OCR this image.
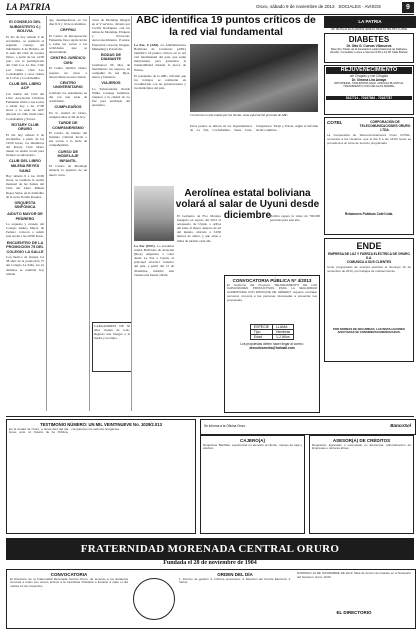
LA PATRIA	Oruro, sábado 9 de noviembre de 2013 SOCIALES - AVISOS	9
El CONSEJO DEL SUBDISTRITO 6 | BOLIVIA

El día de hoy sábado 9 de noviembre, se realizará el segundo consejo del Subdistrito 6 de Bolivia, en la sede del Club de Leones Oruro, a partir de las 14:30 p.m., con la participación del Club Los La Paz, Club Leo Oruro, Club Leo Cochabamba y otros clubes de La Paz y Cochabamba.

CLUB DEL LIBRO ACP

Las damas del Club del Libro Asociación Cristiana Femenina invita a sus socias a asistir hoy a las 17:00 horas a la sede de ACF ubicada en calle Junín entre Cochabamba y Potosí.

ROTARY CLUB ORURO

El día hoy sábado 9 de noviembre, a partir de las 19:00 horas, los miembros del Rotary Club Oruro tienen su sesión social para festejar su aniversario.

CLUB DEL LIBRO MILENA REYES SAINZ

Hoy sábado 9 a las 16:00 horas, se reunirán la sesión mensual de las damas del Club del Libro Milena Reyes Sainz, en el domicilio de la socia Norma Rosales.

ORQUESTA SINFÓNICA
AIDUTO MAYOR DE PEDRERO

La orquesta y consejo del Colegio Aiduto Mayor de Pedrero convoca a asistir esta noche a las 20:00 horas.

ENCUENTRO DE LA PROMOCIÓN 75 DEL COLEGIO LA SALLE

Con motivo de festejar los 38 años de la promoción 75 del Colegio La Salle, los ex alumnos se reunirán hoy sábado.

que desempeñaron en los días 8, 9 y 10 de noviembre.

CRFPMJ

El Centro de Recuperación Femenina Dora Ayala invita a todas las socias a las actividades que se desarrollarán.

CENTRO JURÍDICO CIEN

El Centro Jurídico Oruro, prepara un curso a desarrollarse en esta ciudad.

CENTRO UNIVERSITARIO

Celebran los estudiantes su día con una serie de actividades.

CUMPLEAÑOS

En la ciudad de Oruro, cumplen años el día de hoy:

TARDE DE COMPANERISMO

El Centro de Damas del Instituto Cultural invita a sus socias a la tarde de compañerismo.

CURSO DE MODELAJE INFANTIL

El Centro de Modelaje anuncia la apertura de un nuevo curso.

curso de Modelaje Integral en el V servicio, dictado por Cecilia Rodríguez, con los temas de Modelaje, Etiqueta y Protocolo, Autoconocimiento, Postura, Expresión corporal, Imagen, Marketing y Portafolio.

BODAS DE DIAMANTE

Celebraron 60 años de matrimonio los esposos, en compañía de sus hijos, nietos y bisnietos.

VIAJEROS

La Subsecretaria Ronda Wilka, Caranga Gutiérrez, viajaron a la ciudad de La Paz para participar del encuentro.

CARGADORES DE 30 años vienen de todo. Regresa una bisagra a la madre y los hijos.

ABC identifica 19 puntos críticos de la red vial fundamental

La Paz, 8 (ABI). La Administradora Boliviana de Carreteras (ABC) identificó 19 puntos críticos en la red vial fundamental del país, que serán intervenidos para garantizar la transitabilidad durante la época de lluvias.

El presidente de la ABC, informó que los trabajos se realizarán en coordinación con las gobernaciones y los municipios del país.

Carreteras en mal estado por las lluvias, tema especial del personal de ABC.

Estos puntos se ubican en los departamentos de La Paz, Cochabamba, Santa Cruz, Chuquisaca, Tarija y Potosí, según el informe técnico emitido.

Aerolínea estatal boliviana volará al salar de Uyuni desde diciembre

La Paz (EFE). La aerolínea estatal Boliviana de Aviación (BoA) empezará a volar desde La Paz a Uyuni, el principal atractivo turístico del país, a partir del 13 de diciembre, informó este viernes una fuente oficial.

El Gobierno de Evo Morales inauguró en agosto del 2012 el aeropuerto de Uyuni, a orillas del salar, el mayor desierto de sal del mundo, ubicado a 3.650 metros de altura, y que atrae a miles de turistas cada año.

Bolivia espera la visita de 700.000 personas para este año.

CONVOCATORIA PÚBLICA N° 4/2013
El Gobierno del Proyecto 'MEJORAMIENTO DE LAS CAPACIDADES PRODUCTIVAS PARA LA SEGURIDAD ALIMENTARIA CON ENFOQUE DE GÉNERO' requiere contratar personal, convoca a las personas interesadas a presentar sus propuestas.
ESPECIE	LLAMA
Tipo	Hembras
Edad	1-2 Años
Los propuestas deben hacer llegar al correo:
brecoilesmedia@hotmail.com
LA PATRIA
SE BUSCA DOCUMENTANDO NUESTRA HISTORIA
DIABETES
Dr. Otto G. Cuevas Villanueva
Miembro Titular de la Asociación Latina Nacional de Diabetes (ALAD). Consultas: Lunes a Viernes 9:00 a 12:00 Calle Bolívar.
REJUVENECIMIENTO
sin Cirugías y con Cirugías
Dr. Ximena Lira Amaya
ORTOPEDIA, TRAUMATOLOGÍA. CIRUGÍA PLÁSTICA. TRATAMIENTO CON CÉLULAS MADRE.
5247714 - 70187884 - 70187787
COTEL	CORPORACIÓN DE TELECOMUNICACIONES ORURO LTDA.
La Cooperativa de Telecomunicaciones Oruro COTEL, comunica a los Usuarios, que el día 5 a las 13:00 horas se procederá a un corte de servicio programado.
Relaciones Públicas Cotel Ltda.
ENDE
EMPRESA DE LUZ Y FUERZA ELÉCTRICA DE ORURO S.A.
COMUNICA A SUS CLIENTES
Corte programado de energía eléctrica el domingo 10 de noviembre de 2013, por trabajos de mantenimiento.
POR NORMAS DE SEGURIDAD, LAS INSTALACIONES AFECTADAS SE CONSIDERAN ENERGIZADAS.
TESTIMONIO NÚMERO: UN MIL VEINTINUEVE No. 1029/2.013
En la ciudad de Oruro, a horas diez del día lunes, ante mí Notario de Fe Pública, comparecen los señores otorgantes.
Se informa a la Oficina Oruro	BancoSol
CAJERO(A)
Requisitos: Bachiller, experiencia en atención al cliente, manejo de caja y efectivo.
ASESOR(A) DE CRÉDITOS
Requisitos: Egresado o Licenciado en Economía, Administración de Empresas o carreras afines.
FRATERNIDAD MORENADA CENTRAL ORURO
Fundada el 28 de noviembre de 1904
CONVOCATORIA
El Directorio de la Fraternidad Morenada Central Oruro, de acuerdo a los Estatutos convoca a todos sus socios activos a la Asamblea Ordinaria a llevarse a cabo el día martes 12 de noviembre.
ORDEN DEL DÍA
1. Informe de gestión. 2. Informe económico. 3. Elección del Comité Electoral. 4. Varios.
DOMINGO 10 DE NOVIEMBRE DE 2013. Misa de Acción de Gracias en el Santuario del Socavón. Hora: 10:00.
EL DIRECTORIO
